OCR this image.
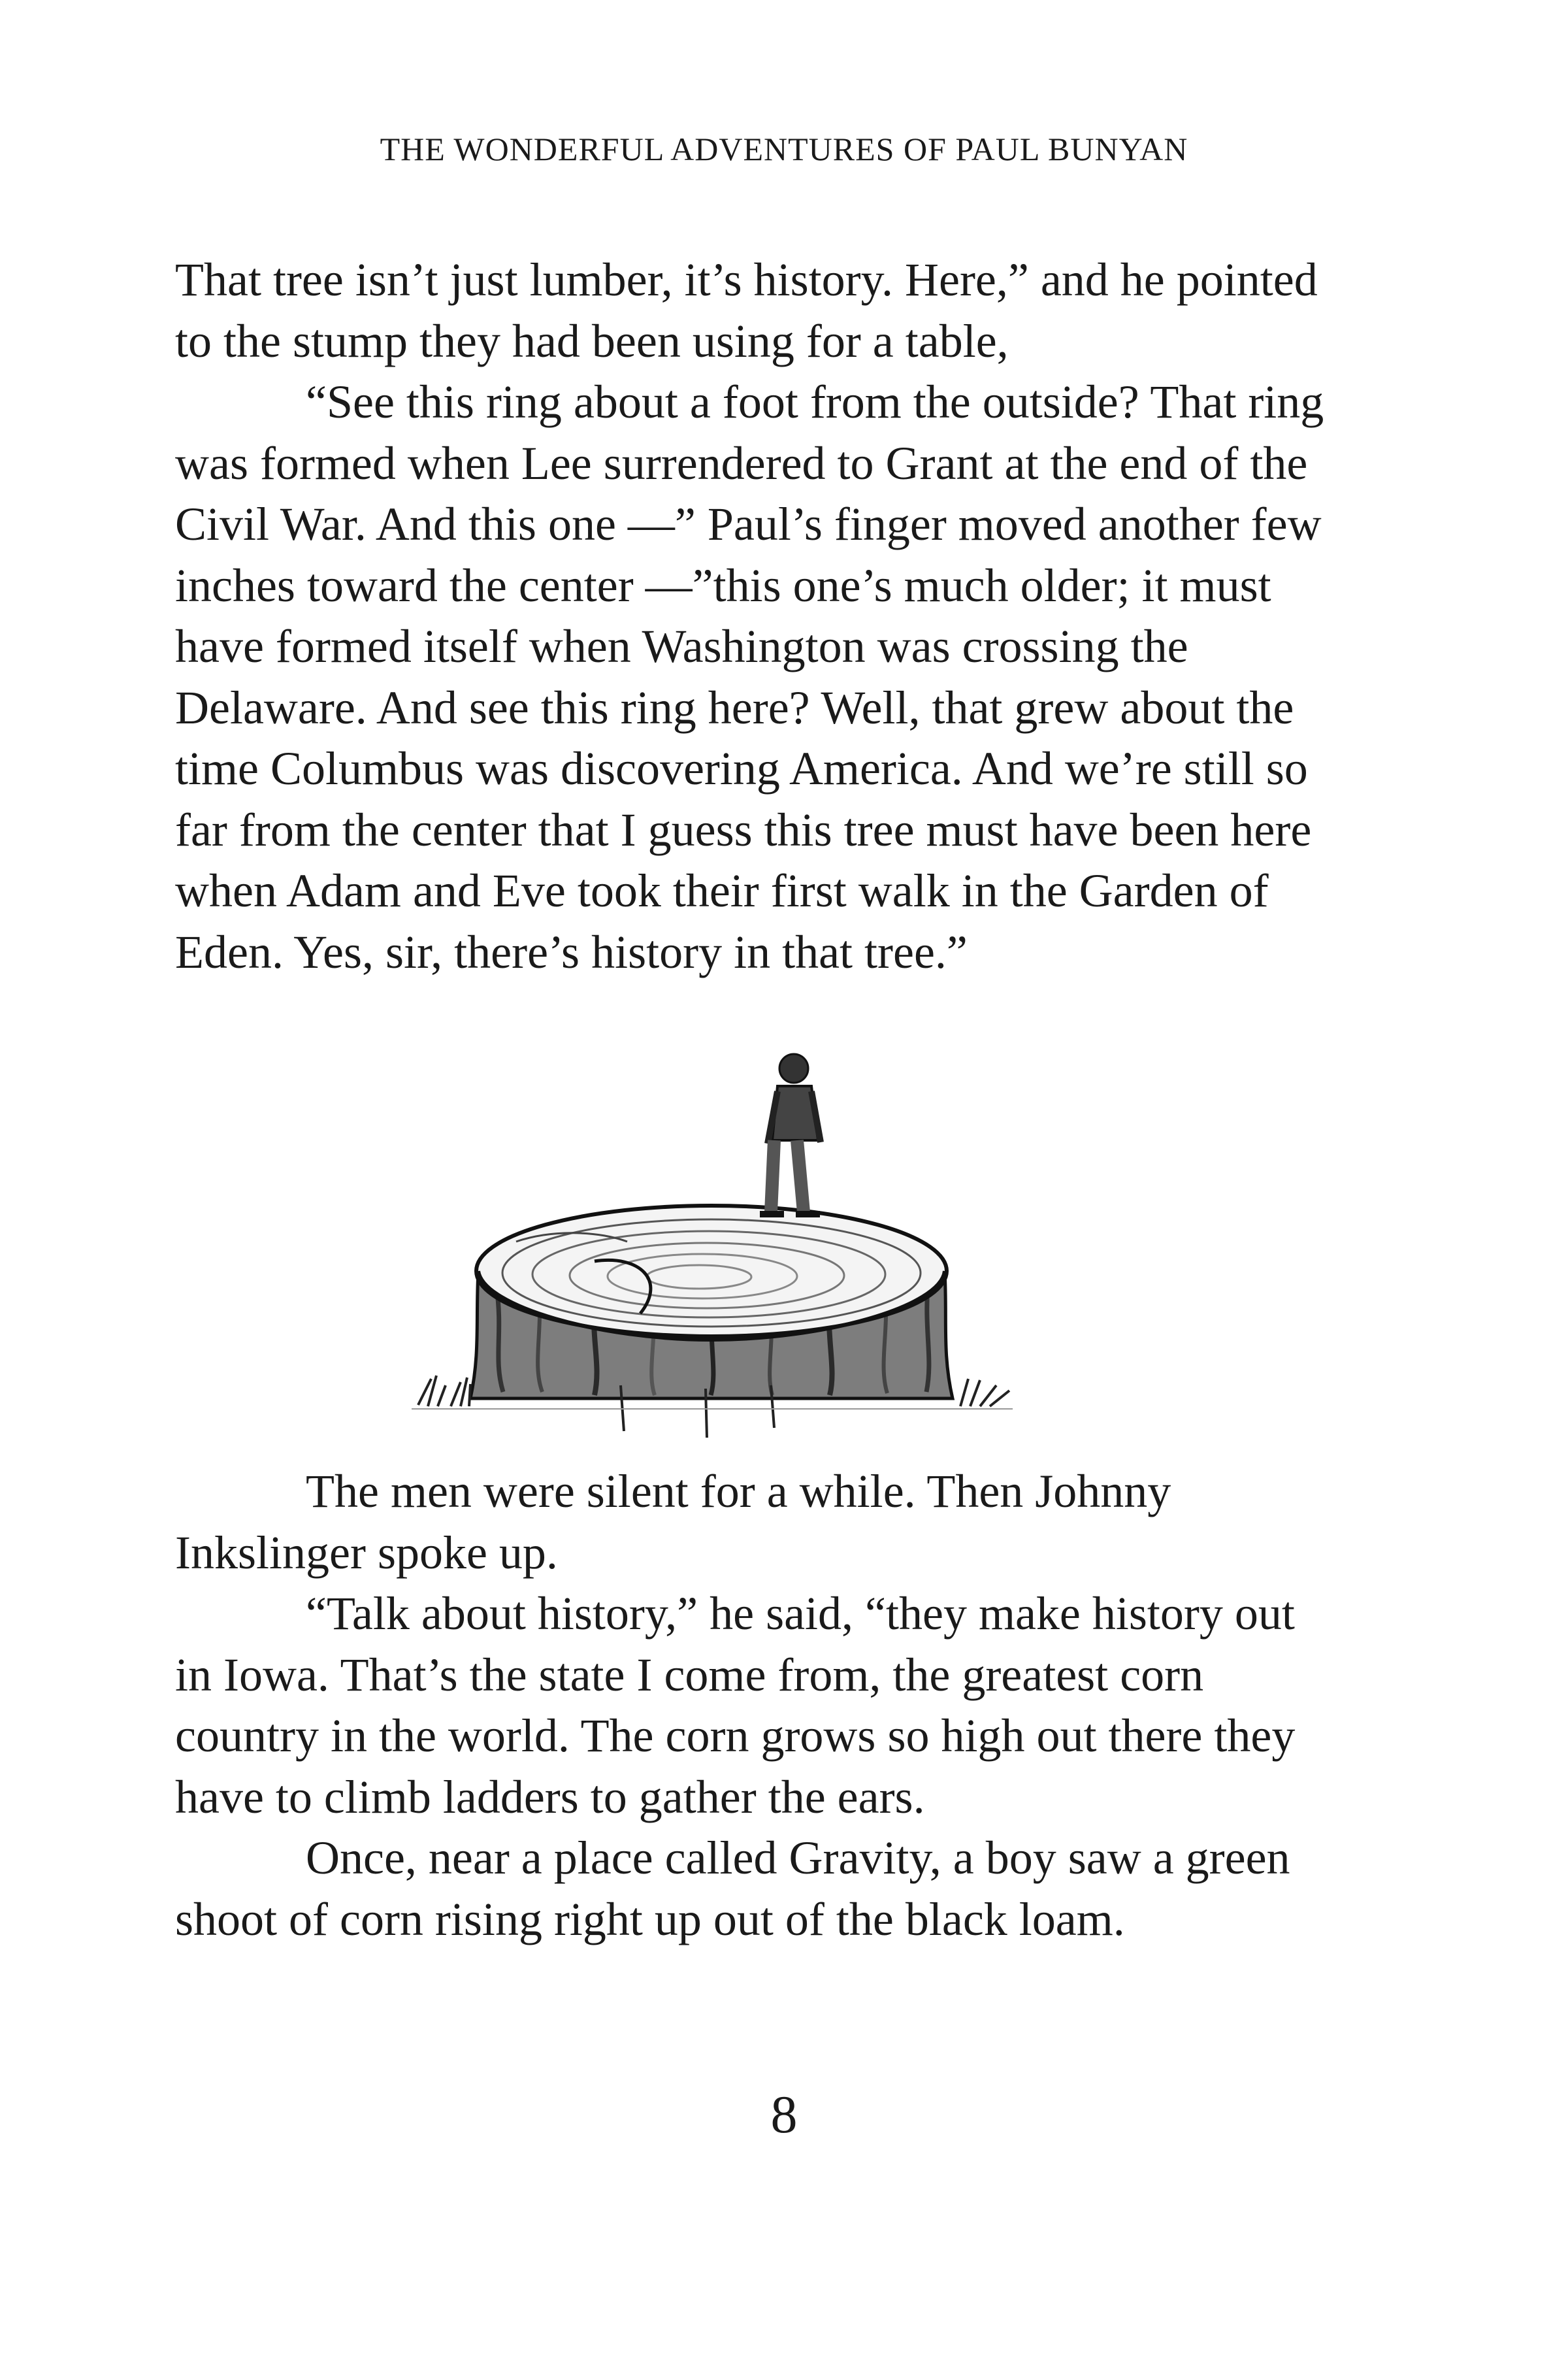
THE WONDERFUL ADVENTURES OF PAUL BUNYAN

That tree isn’t just lumber, it’s history. Here,” and he pointed to the stump they had been using for a table,

“See this ring about a foot from the outside? That ring was formed when Lee surrendered to Grant at the end of the Civil War. And this one —” Paul’s finger moved another few inches toward the center —”this one’s much older; it must have formed itself when Washington was crossing the Delaware. And see this ring here? Well, that grew about the time Columbus was discovering America. And we’re still so far from the center that I guess this tree must have been here when Adam and Eve took their first walk in the Garden of Eden. Yes, sir, there’s history in that tree.”

The men were silent for a while. Then Johnny Inkslinger spoke up.

“Talk about history,” he said, “they make history out in Iowa. That’s the state I come from, the greatest corn country in the world. The corn grows so high out there they have to climb ladders to gather the ears.

Once, near a place called Gravity, a boy saw a green shoot of corn rising right up out of the black loam.

8
